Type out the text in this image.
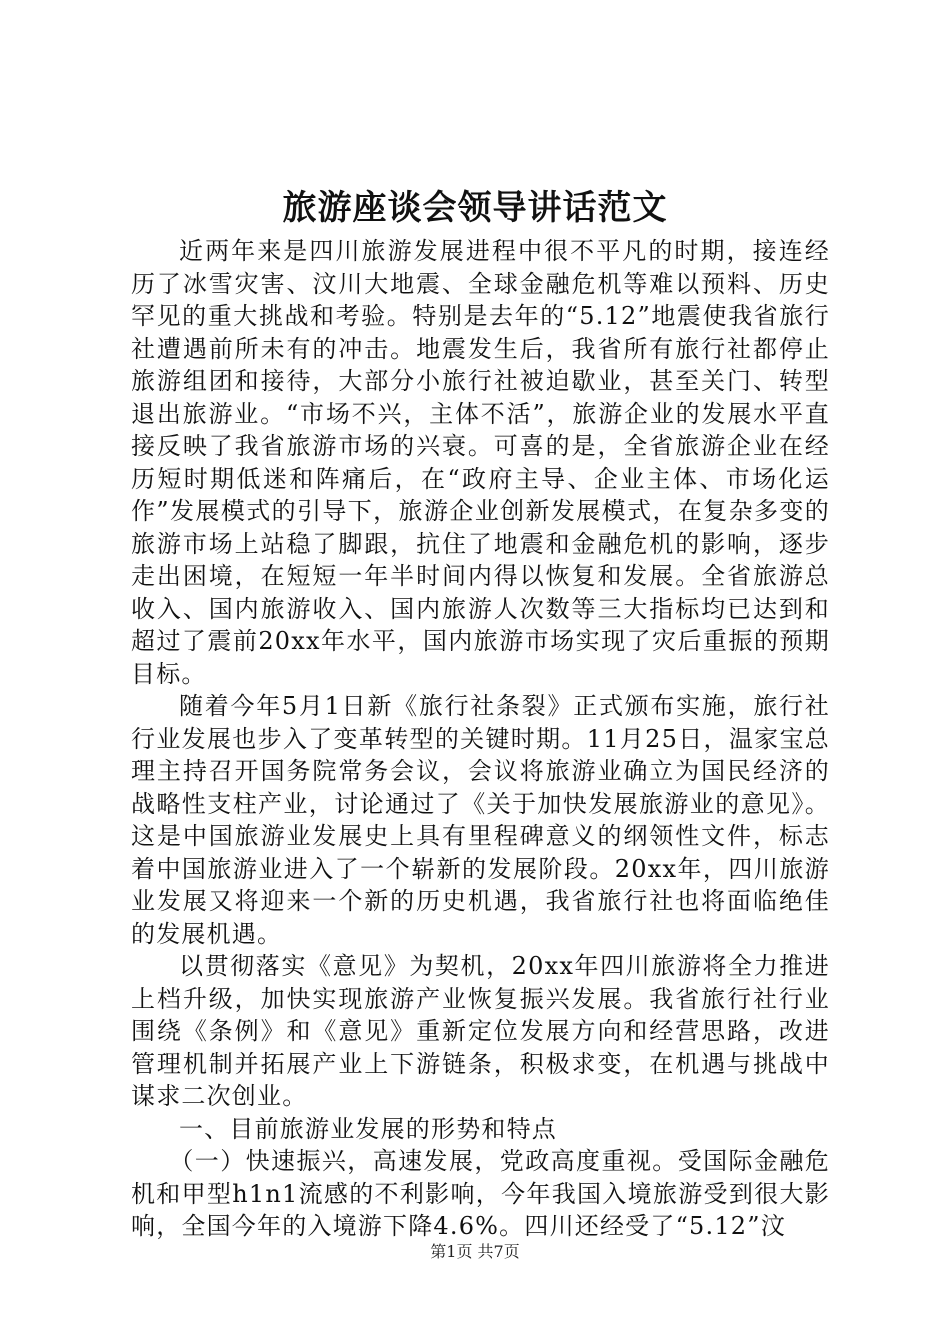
旅游座谈会领导讲话范文

近两年来是四川旅游发展进程中很不平凡的时期，接连经历了冰雪灾害、汶川大地震、全球金融危机等难以预料、历史罕见的重大挑战和考验。特别是去年的“5.12”地震使我省旅行社遭遇前所未有的冲击。地震发生后，我省所有旅行社都停止旅游组团和接待，大部分小旅行社被迫歇业，甚至关门、转型退出旅游业。“市场不兴，主体不活”，旅游企业的发展水平直接反映了我省旅游市场的兴衰。可喜的是，全省旅游企业在经历短时期低迷和阵痛后，在“政府主导、企业主体、市场化运作”发展模式的引导下，旅游企业创新发展模式，在复杂多变的旅游市场上站稳了脚跟，抗住了地震和金融危机的影响，逐步走出困境，在短短一年半时间内得以恢复和发展。全省旅游总收入、国内旅游收入、国内旅游人次数等三大指标均已达到和超过了震前20xx年水平，国内旅游市场实现了灾后重振的预期目标。

随着今年5月1日新《旅行社条裂》正式颁布实施，旅行社行业发展也步入了变革转型的关键时期。11月25日，温家宝总理主持召开国务院常务会议，会议将旅游业确立为国民经济的战略性支柱产业，讨论通过了《关于加快发展旅游业的意见》。这是中国旅游业发展史上具有里程碑意义的纲领性文件，标志着中国旅游业进入了一个崭新的发展阶段。20xx年，四川旅游业发展又将迎来一个新的历史机遇，我省旅行社也将面临绝佳的发展机遇。

以贯彻落实《意见》为契机，20xx年四川旅游将全力推进上档升级，加快实现旅游产业恢复振兴发展。我省旅行社行业围绕《条例》和《意见》重新定位发展方向和经营思路，改进管理机制并拓展产业上下游链条，积极求变，在机遇与挑战中谋求二次创业。

一、目前旅游业发展的形势和特点

（一）快速振兴，高速发展，党政高度重视。受国际金融危机和甲型h1n1流感的不利影响，今年我国入境旅游受到很大影响，全国今年的入境游下降4.6%。四川还经受了“5.12”汶

第1页 共7页
